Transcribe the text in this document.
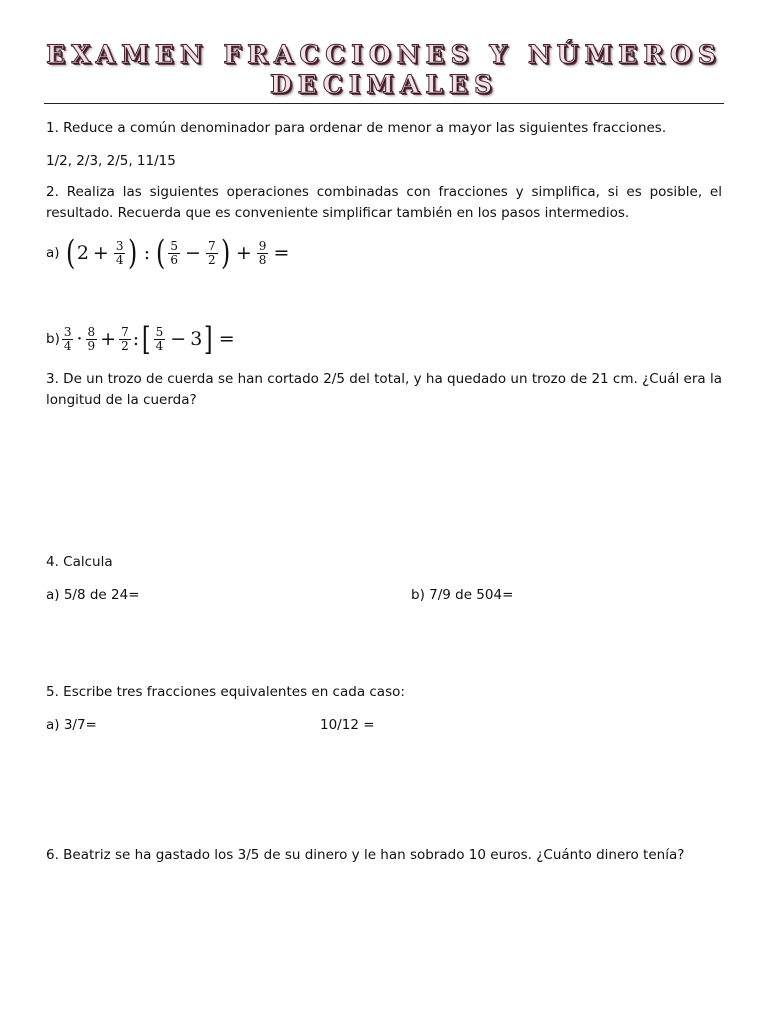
EXAMEN FRACCIONES Y NÚMEROS DECIMALES
1. Reduce a común denominador para ordenar de menor a mayor las siguientes fracciones.
1/2, 2/3, 2/5, 11/15
2. Realiza las siguientes operaciones combinadas con fracciones y simplifica, si es posible, el resultado. Recuerda que es conveniente simplificar también en los pasos intermedios.
a) ( $2 + \frac{3}{4}$ ) : ( $\frac{5}{6} - \frac{7}{2}$ ) + $\frac{9}{8}$ =
$b) \frac{3}{4} \cdot \frac{8}{9} + \frac{7}{2}$ : [ $\frac{5}{4} - 3$ ] =
3. De un trozo de cuerda se han cortado 2/5 del total, y ha quedado un trozo de 21 cm. ¿Cuál era la longitud de la cuerda?
4. Calcula
a) 5/8 de 24=	b) 7/9 de 504=
5. Escribe tres fracciones equivalentes en cada caso:
a) 3/7=	10/12 =
6. Beatriz se ha gastado los 3/5 de su dinero y le han sobrado 10 euros. ¿Cuánto dinero tenía?
